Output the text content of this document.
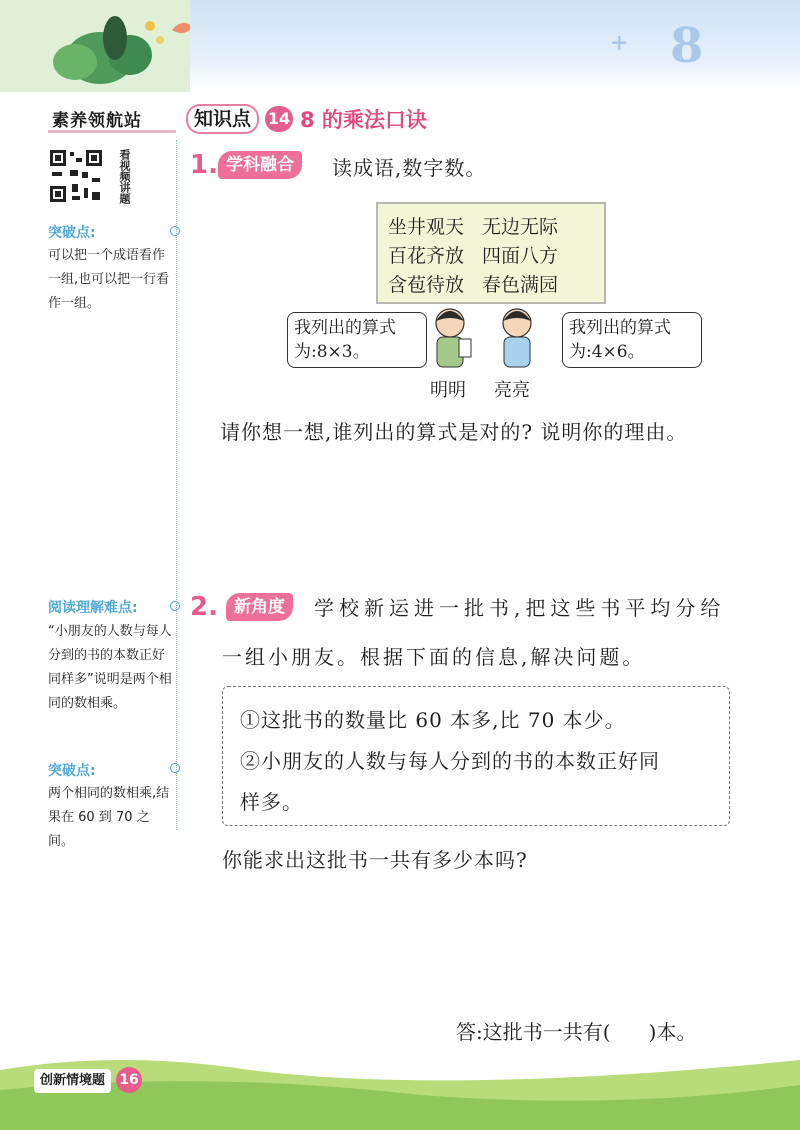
+ 8
素养领航站	知识点	14 8 的乘法口诀
看视频讲题
突破点:
可以把一个成语看作一组,也可以把一行看作一组。
阅读理解难点:
“小朋友的人数与每人分到的书的本数正好同样多”说明是两个相同的数相乘。
突破点:
两个相同的数相乘,结果在 60 到 70 之间。
1. 学科融合	读成语,数字数。
坐井观天 无边无际
百花齐放 四面八方
含苞待放 春色满园
我列出的算式为:8×3。
我列出的算式为:4×6。
明明 亮亮
请你想一想,谁列出的算式是对的? 说明你的理由。
2. 新角度	学校新运进一批书,把这些书平均分给
一组小朋友。根据下面的信息,解决问题。
①这批书的数量比 60 本多,比 70 本少。
②小朋友的人数与每人分到的书的本数正好同
样多。
你能求出这批书一共有多少本吗?
答:这批书一共有(      )本。
创新情境题	16
